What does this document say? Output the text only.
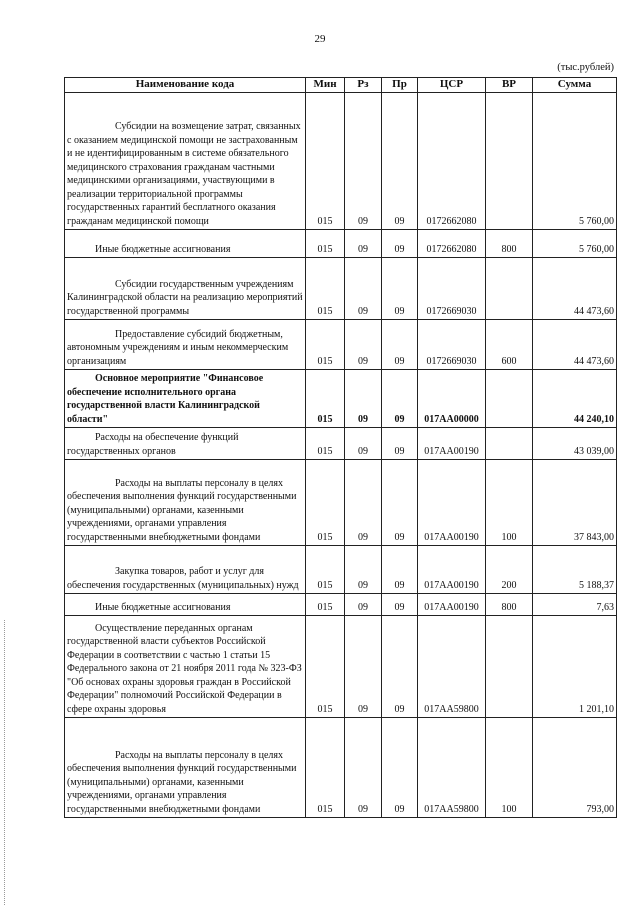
29
(тыс.рублей)
Наименование кода	Мин	Рз	Пр	ЦСР	ВР	Сумма
Субсидии на возмещение затрат, связанных с оказанием медицинской помощи не застрахованным и не идентифицированным в системе обязательного медицинского страхования гражданам частными медицинскими организациями, участвующими в реализации территориальной программы государственных гарантий бесплатного оказания гражданам медицинской помощи	015	09	09	0172662080		5 760,00
Иные бюджетные ассигнования	015	09	09	0172662080	800	5 760,00
Субсидии государственным учреждениям Калининградской области на реализацию мероприятий государственной программы	015	09	09	0172669030		44 473,60
Предоставление субсидий бюджетным, автономным учреждениям и иным некоммерческим организациям	015	09	09	0172669030	600	44 473,60
Основное мероприятие "Финансовое обеспечение исполнительного органа государственной власти Калининградской области"	015	09	09	017АА00000		44 240,10
Расходы на обеспечение функций государственных органов	015	09	09	017АА00190		43 039,00
Расходы на выплаты персоналу в целях обеспечения выполнения функций государственными (муниципальными) органами, казенными учреждениями, органами управления государственными внебюджетными фондами	015	09	09	017АА00190	100	37 843,00
Закупка товаров, работ и услуг для обеспечения государственных (муниципальных) нужд	015	09	09	017АА00190	200	5 188,37
Иные бюджетные ассигнования	015	09	09	017АА00190	800	7,63
Осуществление переданных органам государственной власти субъектов Российской Федерации в соответствии с частью 1 статьи 15 Федерального закона от 21 ноября 2011 года № 323-ФЗ "Об основах охраны здоровья граждан в Российской Федерации" полномочий Российской Федерации в сфере охраны здоровья	015	09	09	017АА59800		1 201,10
Расходы на выплаты персоналу в целях обеспечения выполнения функций государственными (муниципальными) органами, казенными учреждениями, органами управления государственными внебюджетными фондами	015	09	09	017АА59800	100	793,00
